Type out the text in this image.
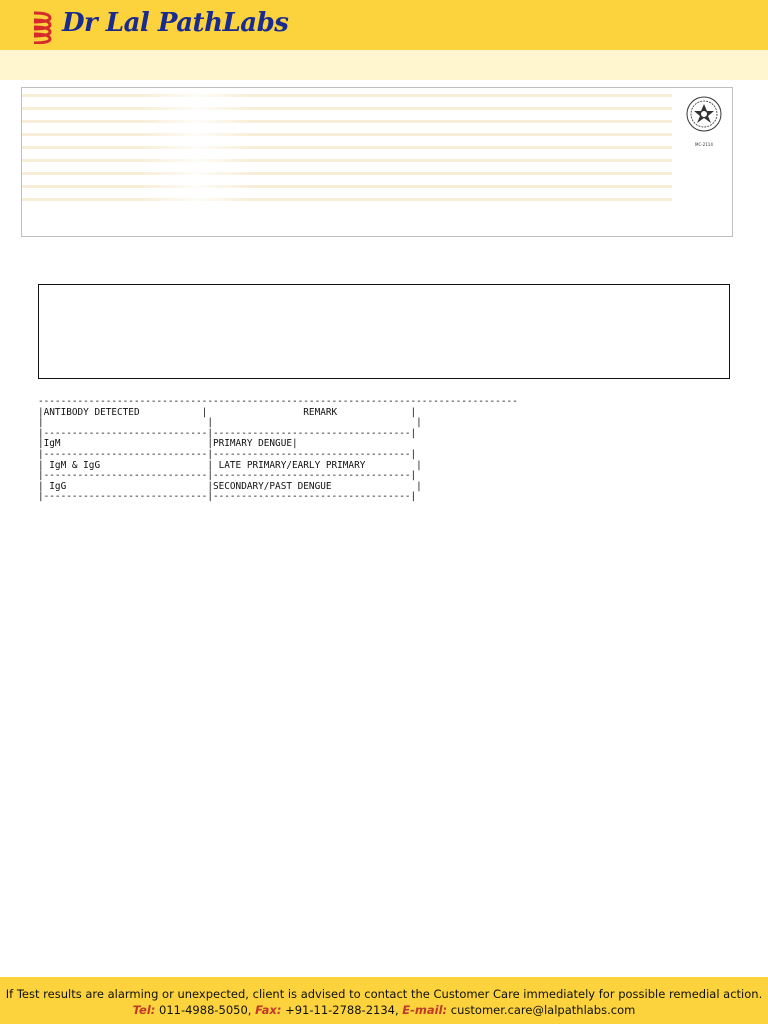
Dr Lal PathLabs
MC-2114
-------------------------------------------------------------------------------------
|ANTIBODY DETECTED           |                 REMARK             |
|                             |                                    |
|-----------------------------|-----------------------------------|
|IgM                          |PRIMARY DENGUE|
|-----------------------------|-----------------------------------|
| IgM & IgG                   | LATE PRIMARY/EARLY PRIMARY         |
|-----------------------------|-----------------------------------|
| IgG                         |SECONDARY/PAST DENGUE               |
|-----------------------------|-----------------------------------|
If Test results are alarming or unexpected, client is advised to contact the Customer Care immediately for possible remedial action.
Tel: 011-4988-5050, Fax: +91-11-2788-2134, E-mail: customer.care@lalpathlabs.com
